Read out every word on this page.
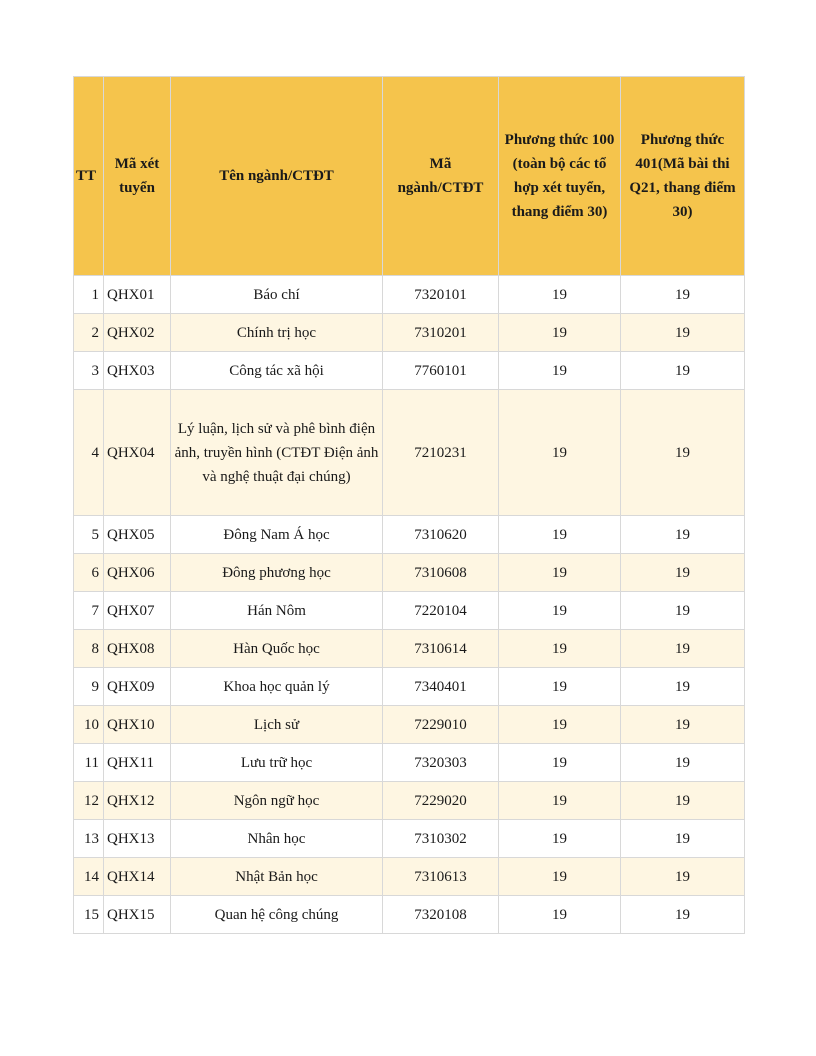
TT	Mã xét tuyển	Tên ngành/CTĐT	Mã ngành/CTĐT	Phương thức 100 (toàn bộ các tổ hợp xét tuyển, thang điểm 30)	Phương thức 401(Mã bài thi Q21, thang điểm 30)
1	QHX01	Báo chí	7320101	19	19
2	QHX02	Chính trị học	7310201	19	19
3	QHX03	Công tác xã hội	7760101	19	19
4	QHX04	Lý luận, lịch sử và phê bình điện ảnh, truyền hình (CTĐT Điện ảnh và nghệ thuật đại chúng)	7210231	19	19
5	QHX05	Đông Nam Á học	7310620	19	19
6	QHX06	Đông phương học	7310608	19	19
7	QHX07	Hán Nôm	7220104	19	19
8	QHX08	Hàn Quốc học	7310614	19	19
9	QHX09	Khoa học quản lý	7340401	19	19
10	QHX10	Lịch sử	7229010	19	19
11	QHX11	Lưu trữ học	7320303	19	19
12	QHX12	Ngôn ngữ học	7229020	19	19
13	QHX13	Nhân học	7310302	19	19
14	QHX14	Nhật Bản học	7310613	19	19
15	QHX15	Quan hệ công chúng	7320108	19	19
